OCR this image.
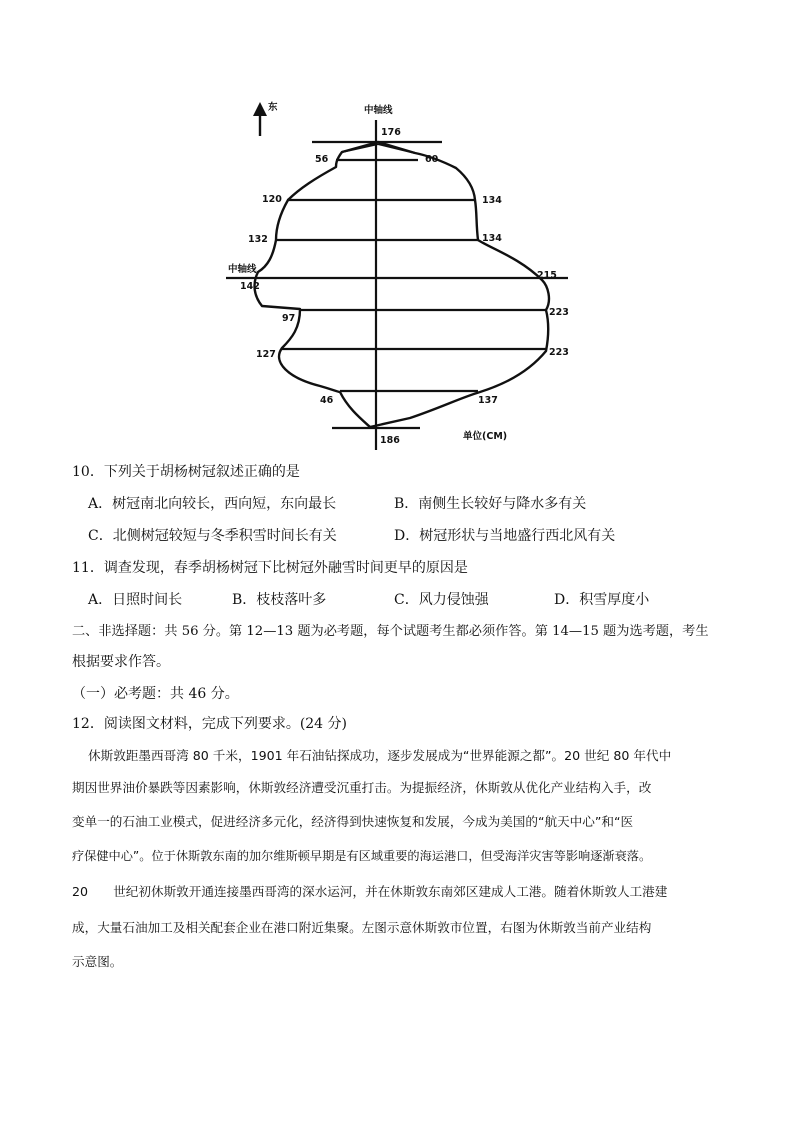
东	中轴线
176
56	60
120	134
132	134
中轴线
142
215
97
223
127	223
46	137
186	单位(CM)
10．下列关于胡杨树冠叙述正确的是
A．树冠南北向较长，西向短，东向最长	B．南侧生长较好与降水多有关
C．北侧树冠较短与冬季积雪时间长有关	D．树冠形状与当地盛行西北风有关
11．调查发现，春季胡杨树冠下比树冠外融雪时间更早的原因是
A．日照时间长	B．枝枝落叶多	C．风力侵蚀强	D．积雪厚度小
二、非选择题：共 56 分。第 12—13 题为必考题，每个试题考生都必须作答。第 14—15 题为选考题，考生
根据要求作答。
（一）必考题：共 46 分。
12．阅读图文材料，完成下列要求。(24 分)
休斯敦距墨西哥湾 80 千米，1901 年石油钻探成功，逐步发展成为“世界能源之都”。20 世纪 80 年代中
期因世界油价暴跌等因素影响，休斯敦经济遭受沉重打击。为提振经济，休斯敦从优化产业结构入手，改
变单一的石油工业模式，促进经济多元化，经济得到快速恢复和发展，今成为美国的“航天中心”和“医
疗保健中心”。位于休斯敦东南的加尔维斯顿早期是有区域重要的海运港口，但受海洋灾害等影响逐渐衰落。
20　　世纪初休斯敦开通连接墨西哥湾的深水运河，并在休斯敦东南郊区建成人工港。随着休斯敦人工港建
成，大量石油加工及相关配套企业在港口附近集聚。左图示意休斯敦市位置，右图为休斯敦当前产业结构
示意图。
